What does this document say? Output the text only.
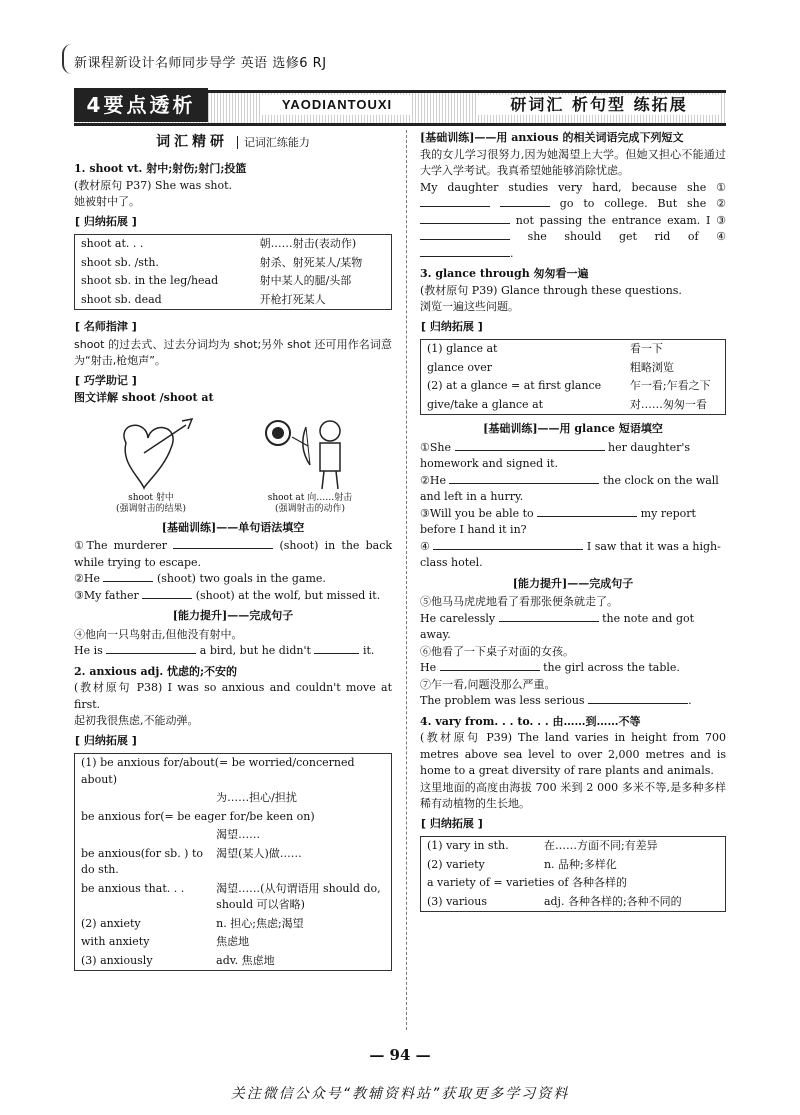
新课程新设计名师同步导学 英语 选修6 RJ
4要点透析	YAODIANTOUXI	研词汇 析句型 练拓展
词汇精研 记词汇练能力

1. shoot vt. 射中;射伤;射门;投篮

(教材原句 P37) She was shot.

她被射中了。

[ 归纳拓展 ]
shoot at. . .	朝……射击(表动作)
shoot sb. /sth.	射杀、射死某人/某物
shoot sb. in the leg/head	射中某人的腿/头部
shoot sb. dead	开枪打死某人
[ 名师指津 ]

shoot 的过去式、过去分词均为 shot;另外 shot 还可用作名词意为“射击,枪炮声”。

[ 巧学助记 ]

图文详解 shoot /shoot at

shoot 射中
(强调射击的结果)
shoot at 向……射击
(强调射击的动作)

[基础训练]——单句语法填空

①The murderer	(shoot) in the back while trying to escape.

②He	(shoot) two goals in the game.

③My father	(shoot) at the wolf, but missed it.

[能力提升]——完成句子

④他向一只鸟射击,但他没有射中。

He is	a bird, but he didn't	it.

2. anxious adj. 忧虑的;不安的

(教材原句 P38) I was so anxious and couldn't move at first.

起初我很焦虑,不能动弹。

[ 归纳拓展 ]
(1) be anxious for/about(= be worried/concerned about)	
	为……担心/担扰
be anxious for(= be eager for/be keen on)	
	渴望……
be anxious(for sb. ) to do sth.	渴望(某人)做……
be anxious that. . .	渴望……(从句谓语用 should do, should 可以省略)
(2) anxiety	n. 担心;焦虑;渴望
with anxiety	焦虑地
(3) anxiously	adv. 焦虑地

[基础训练]——用 anxious 的相关词语完成下列短文

我的女儿学习很努力,因为她渴望上大学。但她又担心不能通过大学入学考试。我真希望她能够消除忧虑。

My daughter studies very hard, because she ①   go to college. But she ②  not passing the entrance exam. I ③  she should get rid of ④ .

3. glance through 匆匆看一遍

(教材原句 P39) Glance through these questions.

浏览一遍这些问题。

[ 归纳拓展 ]
(1) glance at	看一下
glance over	粗略浏览
(2) at a glance = at first glance	乍一看;乍看之下
give/take a glance at	对……匆匆一看

[基础训练]——用 glance 短语填空

①She	her daughter's homework and signed it.

②He	the clock on the wall and left in a hurry.

③Will you be able to	my report before I hand it in?

④	I saw that it was a high-class hotel.

[能力提升]——完成句子

⑤他马马虎虎地看了看那张便条就走了。

He carelessly	the note and got away.

⑥他看了一下桌子对面的女孩。

He	the girl across the table.

⑦乍一看,问题没那么严重。

The problem was less serious	.

4. vary from. . . to. . . 由……到……不等

(教材原句 P39) The land varies in height from 700 metres above sea level to over 2,000 metres and is home to a great diversity of rare plants and animals.

这里地面的高度由海拔 700 米到 2 000 多米不等,是多种多样稀有动植物的生长地。

[ 归纳拓展 ]
(1) vary in sth.	在……方面不同;有差异
(2) variety	n. 品种;多样化
a variety of = varieties of 各种各样的	
(3) various	adj. 各种各样的;各种不同的
— 94 —
关注微信公众号“教辅资料站”获取更多学习资料
